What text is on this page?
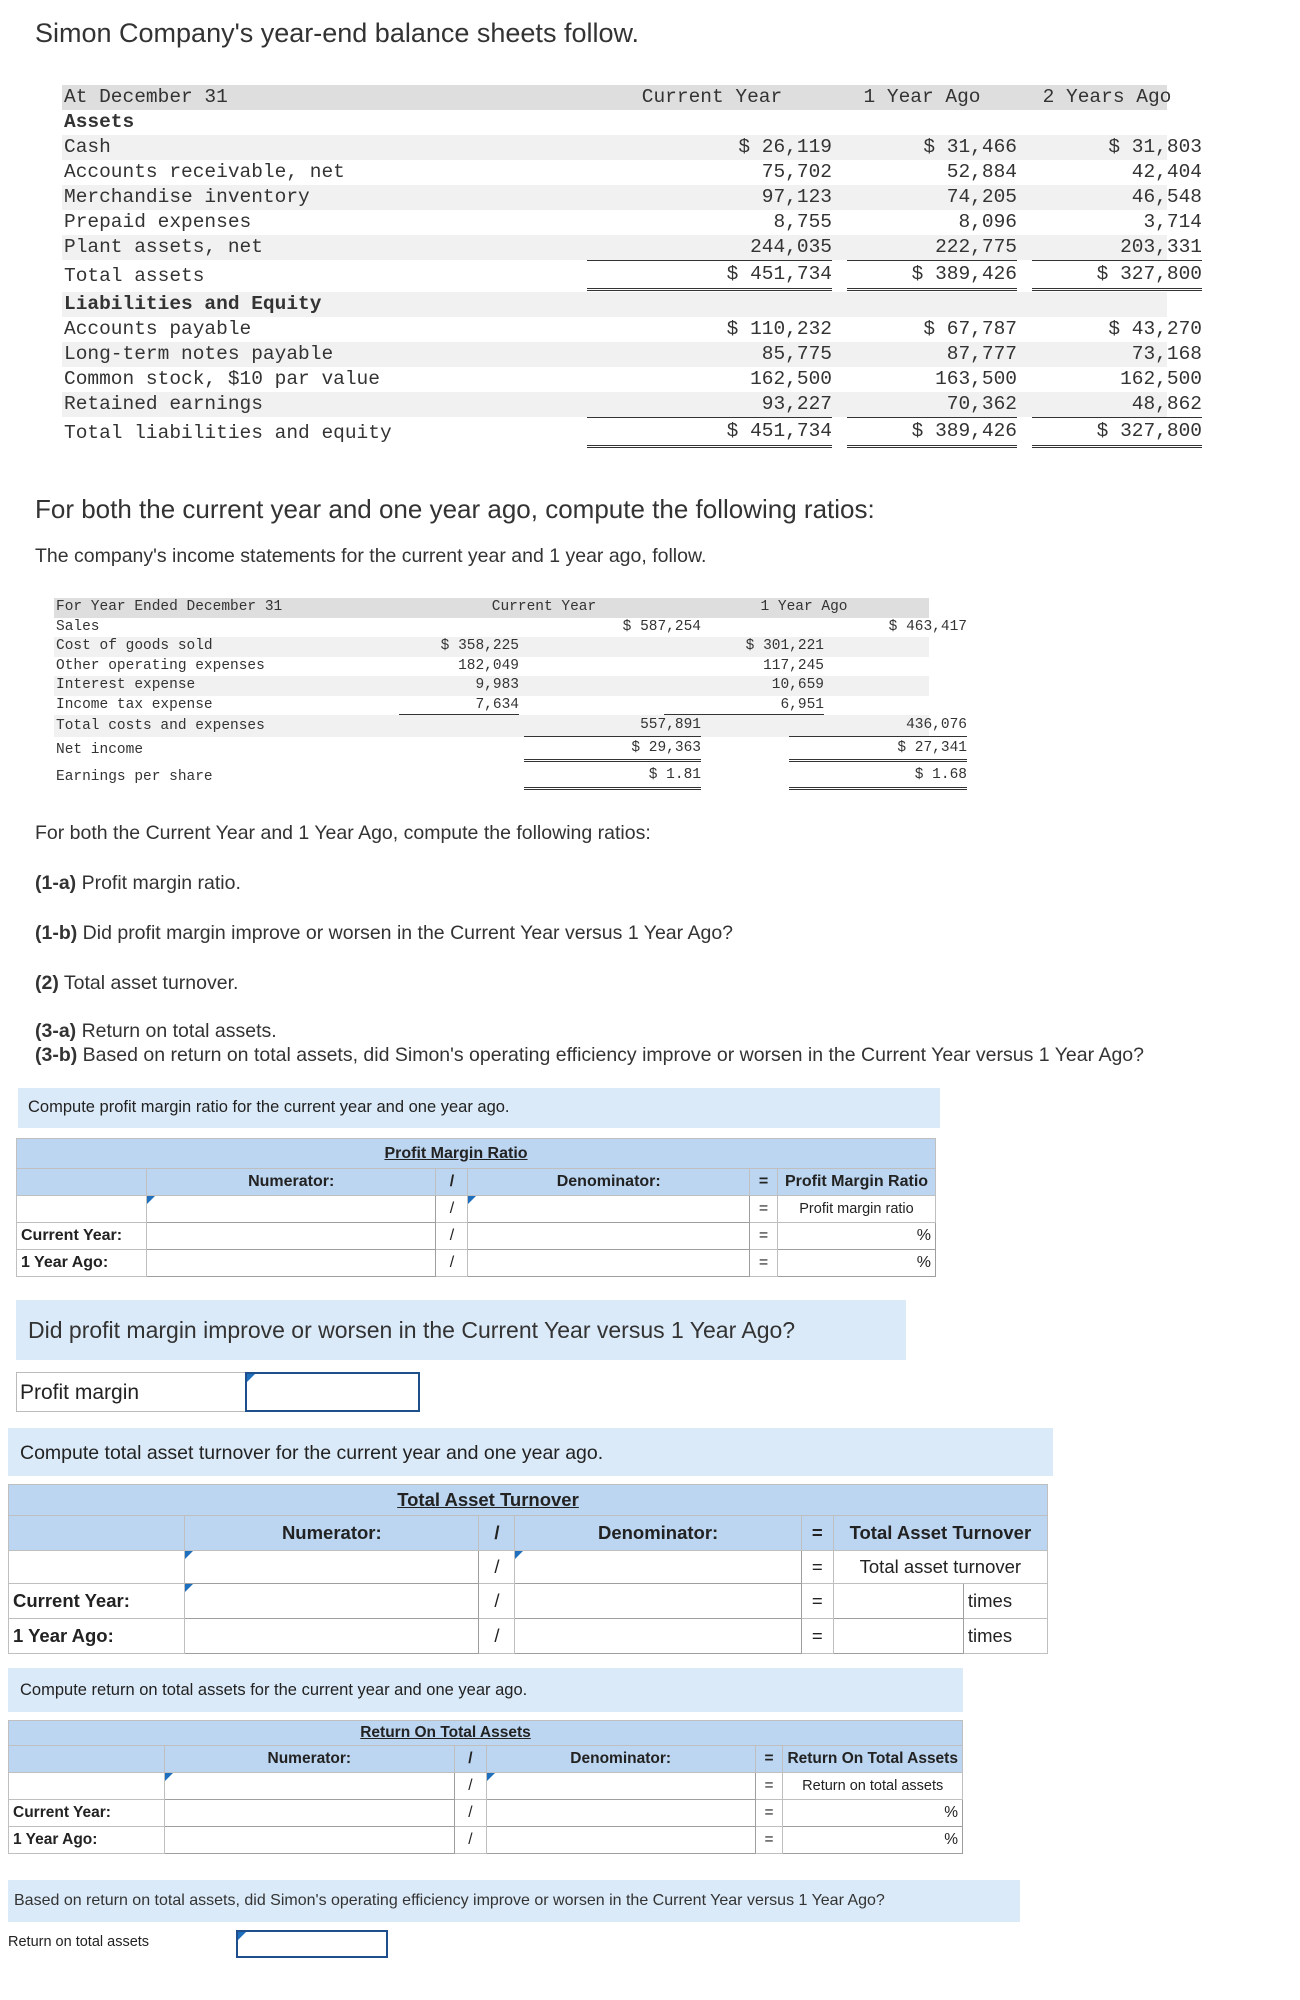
Simon Company's year-end balance sheets follow.
At December 31	Current Year	1 Year Ago	2 Years Ago
Assets
Cash	$ 26,119	$ 31,466	$ 31,803
Accounts receivable, net	75,702	52,884	42,404
Merchandise inventory	97,123	74,205	46,548
Prepaid expenses	8,755	8,096	3,714
Plant assets, net	244,035	222,775	203,331
Total assets	$ 451,734	$ 389,426	$ 327,800
Liabilities and Equity
Accounts payable	$ 110,232	$ 67,787	$ 43,270
Long-term notes payable	85,775	87,777	73,168
Common stock, $10 par value	162,500	163,500	162,500
Retained earnings	93,227	70,362	48,862
Total liabilities and equity	$ 451,734	$ 389,426	$ 327,800
For both the current year and one year ago, compute the following ratios:
The company's income statements for the current year and 1 year ago, follow.
For Year Ended December 31	Current Year	1 Year Ago
Sales	$ 587,254	$ 463,417
Cost of goods sold	$ 358,225	$ 301,221
Other operating expenses	182,049	117,245
Interest expense	9,983	10,659
Income tax expense	7,634	6,951
Total costs and expenses	557,891	436,076
Net income	$ 29,363	$ 27,341
Earnings per share	$ 1.81	$ 1.68
For both the Current Year and 1 Year Ago, compute the following ratios:
(1-a) Profit margin ratio.
(1-b) Did profit margin improve or worsen in the Current Year versus 1 Year Ago?
(2) Total asset turnover.
(3-a) Return on total assets.
(3-b) Based on return on total assets, did Simon's operating efficiency improve or worsen in the Current Year versus 1 Year Ago?
Compute profit margin ratio for the current year and one year ago.
Profit Margin Ratio					
	Numerator:	/	Denominator:	=	Profit Margin Ratio

	/		=	Profit margin ratio
Current Year:		/		=	%
1 Year Ago:		/		=	%
Did profit margin improve or worsen in the Current Year versus 1 Year Ago?
Profit margin
Compute total asset turnover for the current year and one year ago.
Total Asset Turnover						
	Numerator:	/	Denominator:	=	Total Asset Turnover	

	/		=	Total asset turnover	
Current Year:		/		=		times
1 Year Ago:		/		=		times
Compute return on total assets for the current year and one year ago.
Return On Total Assets					
	Numerator:	/	Denominator:	=	Return On Total Assets

	/		=	Return on total assets
Current Year:		/		=	%
1 Year Ago:		/		=	%
Based on return on total assets, did Simon's operating efficiency improve or worsen in the Current Year versus 1 Year Ago?
Return on total assets
